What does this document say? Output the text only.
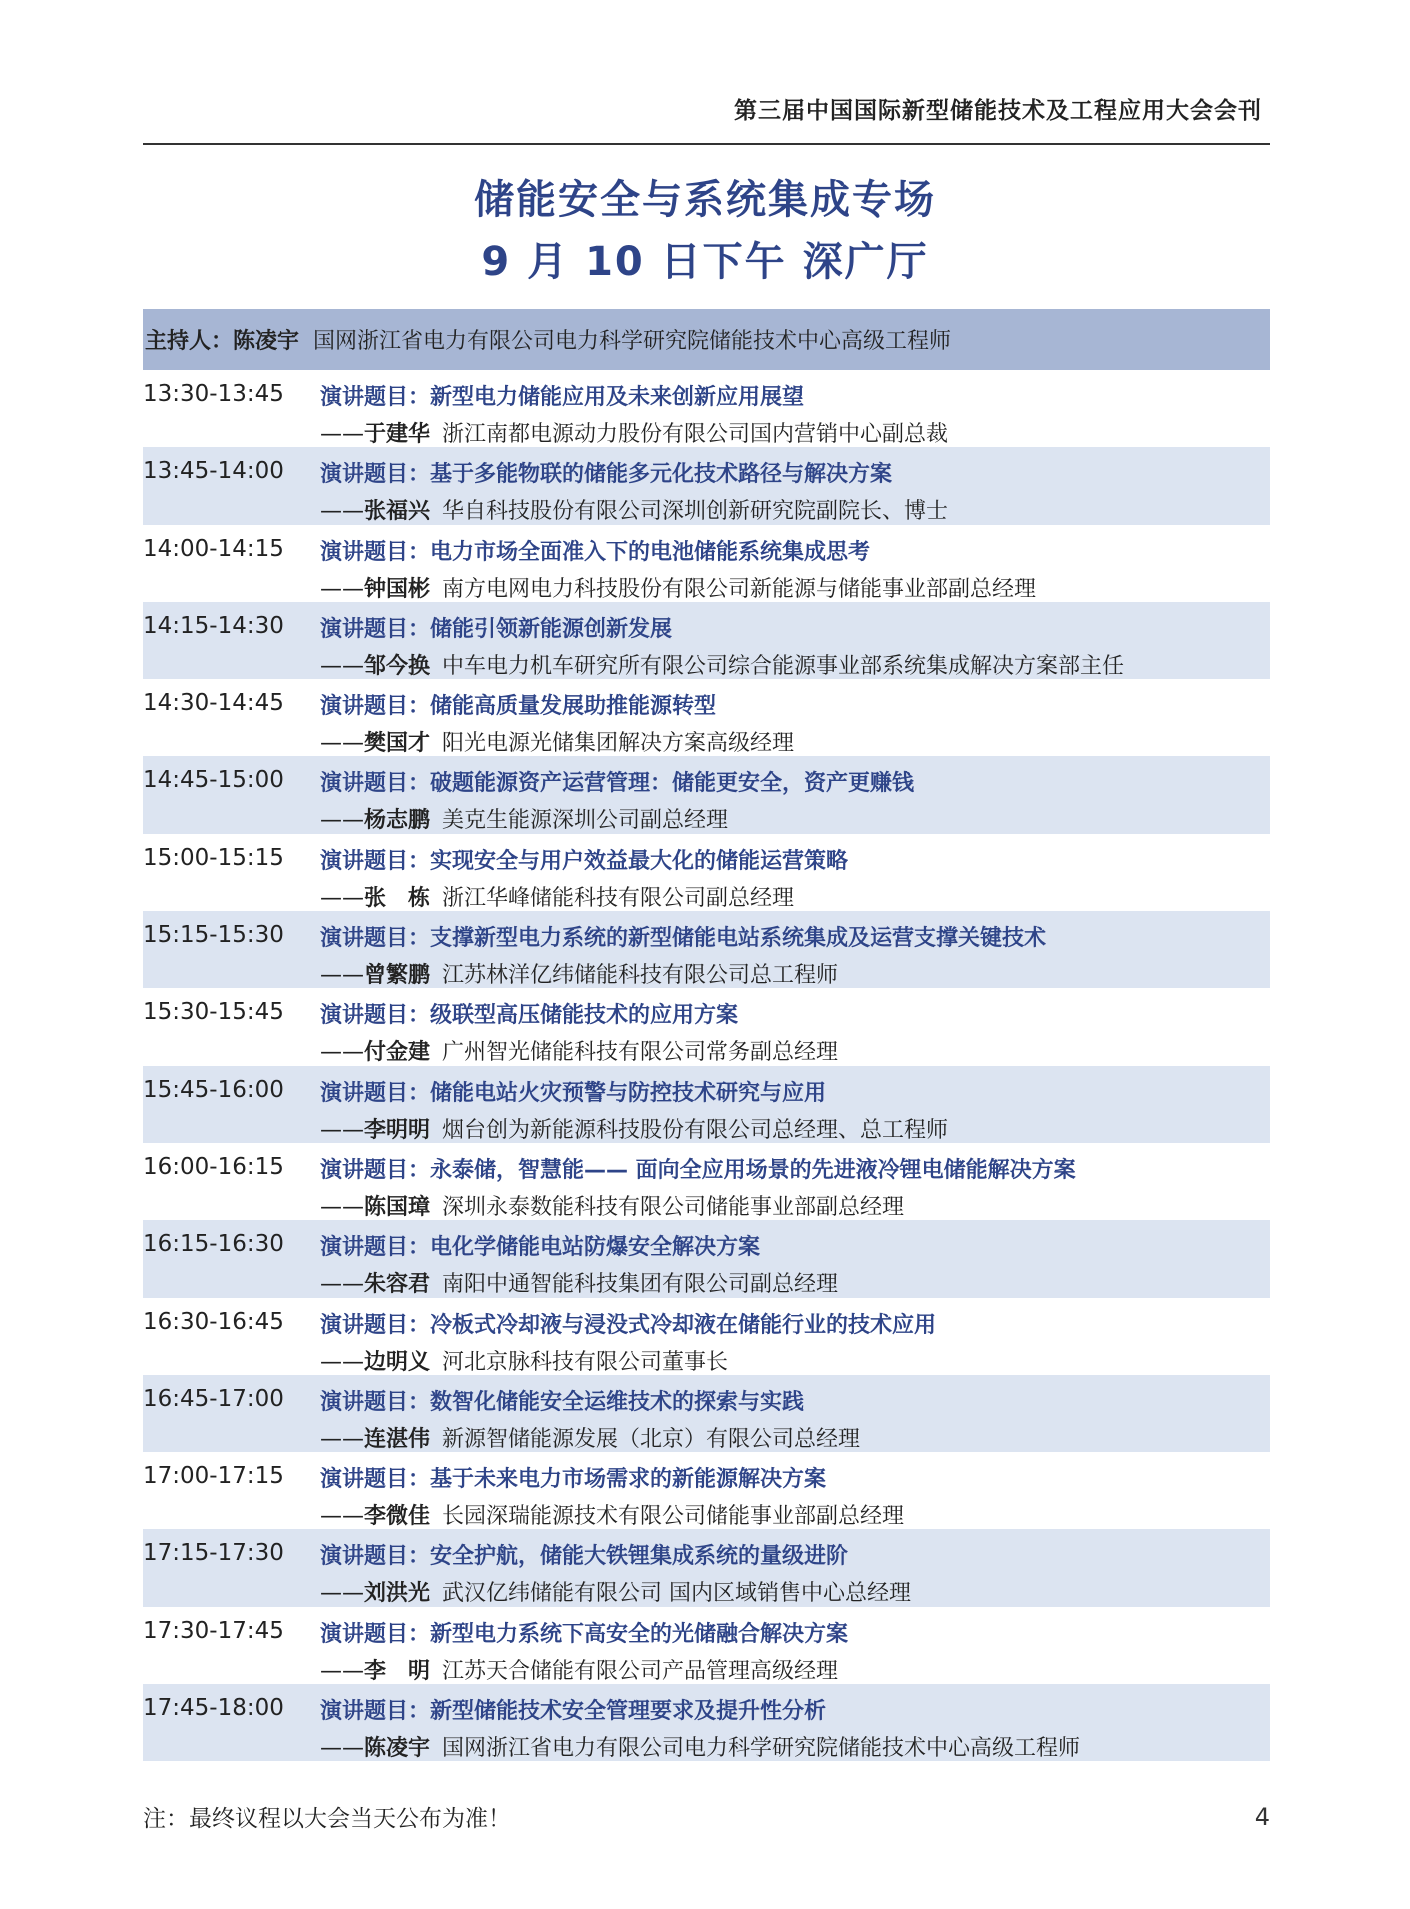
第三届中国国际新型储能技术及工程应用大会会刊
储能安全与系统集成专场
9 月 10 日下午 深广厅
主持人： 陈凌宇 国网浙江省电力有限公司电力科学研究院储能技术中心高级工程师
13:30-13:45 演讲题目：新型电力储能应用及未来创新应用展望
——于建华 浙江南都电源动力股份有限公司国内营销中心副总裁
13:45-14:00 演讲题目：基于多能物联的储能多元化技术路径与解决方案
——张福兴 华自科技股份有限公司深圳创新研究院副院长、博士
14:00-14:15 演讲题目：电力市场全面准入下的电池储能系统集成思考
——钟国彬 南方电网电力科技股份有限公司新能源与储能事业部副总经理
14:15-14:30 演讲题目：储能引领新能源创新发展
——邹今换 中车电力机车研究所有限公司综合能源事业部系统集成解决方案部主任
14:30-14:45 演讲题目：储能高质量发展助推能源转型
——樊国才 阳光电源光储集团解决方案高级经理
14:45-15:00 演讲题目：破题能源资产运营管理：储能更安全，资产更赚钱
——杨志鹏 美克生能源深圳公司副总经理
15:00-15:15 演讲题目：实现安全与用户效益最大化的储能运营策略
——张　栋 浙江华峰储能科技有限公司副总经理
15:15-15:30 演讲题目：支撑新型电力系统的新型储能电站系统集成及运营支撑关键技术
——曾繁鹏 江苏林洋亿纬储能科技有限公司总工程师
15:30-15:45 演讲题目：级联型高压储能技术的应用方案
——付金建 广州智光储能科技有限公司常务副总经理
15:45-16:00 演讲题目：储能电站火灾预警与防控技术研究与应用
——李明明 烟台创为新能源科技股份有限公司总经理、总工程师
16:00-16:15 演讲题目：永泰储，智慧能—— 面向全应用场景的先进液冷锂电储能解决方案
——陈国璋 深圳永泰数能科技有限公司储能事业部副总经理
16:15-16:30 演讲题目：电化学储能电站防爆安全解决方案
——朱容君 南阳中通智能科技集团有限公司副总经理
16:30-16:45 演讲题目：冷板式冷却液与浸没式冷却液在储能行业的技术应用
——边明义 河北京脉科技有限公司董事长
16:45-17:00 演讲题目：数智化储能安全运维技术的探索与实践
——连湛伟 新源智储能源发展（北京）有限公司总经理
17:00-17:15 演讲题目：基于未来电力市场需求的新能源解决方案
——李微佳 长园深瑞能源技术有限公司储能事业部副总经理
17:15-17:30 演讲题目：安全护航，储能大铁锂集成系统的量级进阶
——刘洪光 武汉亿纬储能有限公司 国内区域销售中心总经理
17:30-17:45 演讲题目：新型电力系统下高安全的光储融合解决方案
——李　明 江苏天合储能有限公司产品管理高级经理
17:45-18:00 演讲题目：新型储能技术安全管理要求及提升性分析
——陈凌宇 国网浙江省电力有限公司电力科学研究院储能技术中心高级工程师
注：最终议程以大会当天公布为准！	4
